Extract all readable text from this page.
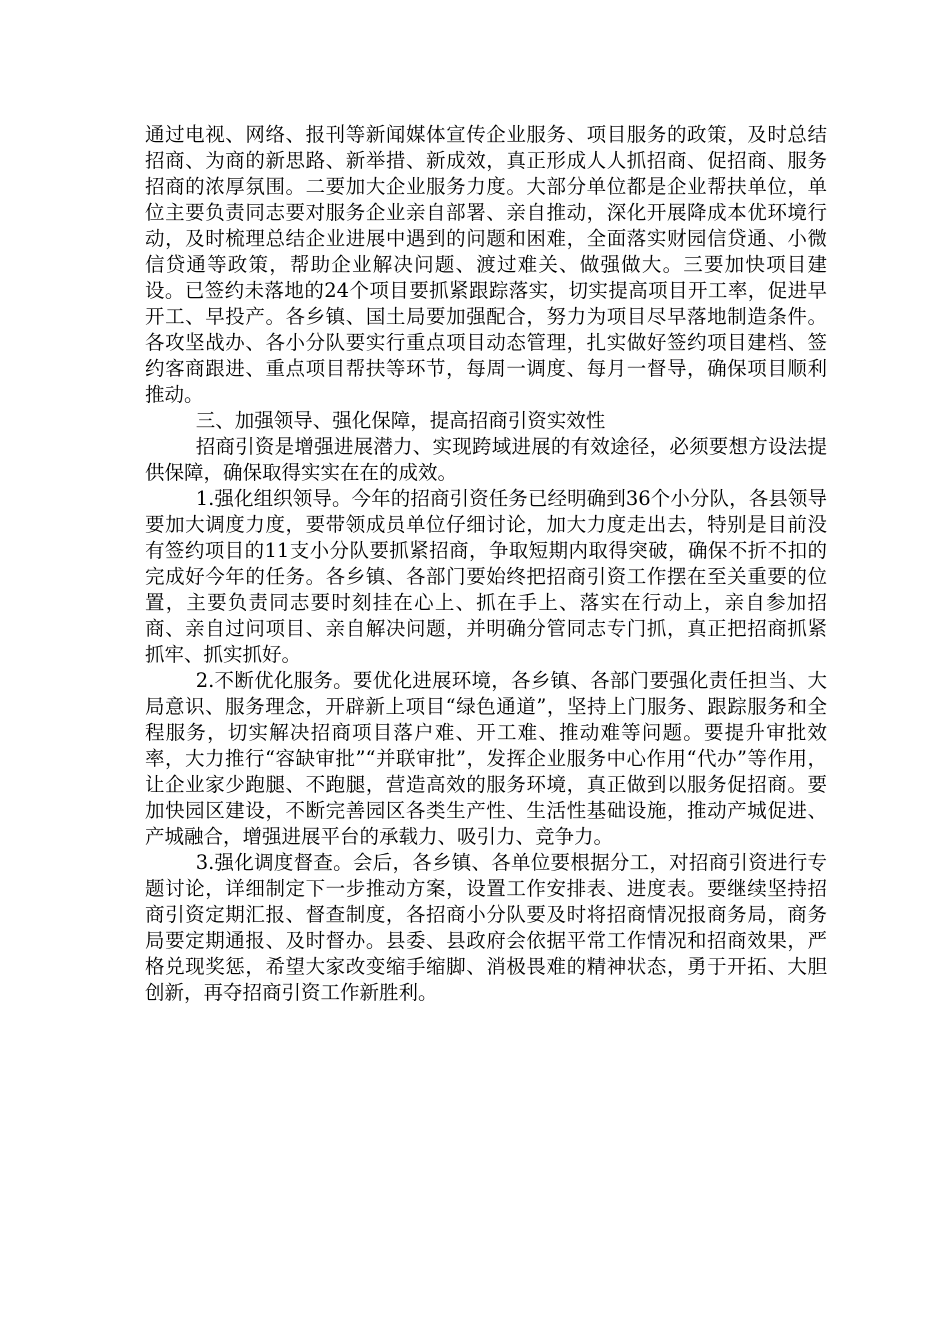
通过电视、网络、报刊等新闻媒体宣传企业服务、项目服务的政策，及时总结招商、为商的新思路、新举措、新成效，真正形成人人抓招商、促招商、服务招商的浓厚氛围。二要加大企业服务力度。大部分单位都是企业帮扶单位，单位主要负责同志要对服务企业亲自部署、亲自推动，深化开展降成本优环境行动，及时梳理总结企业进展中遇到的问题和困难，全面落实财园信贷通、小微信贷通等政策，帮助企业解决问题、渡过难关、做强做大。三要加快项目建设。已签约未落地的24个项目要抓紧跟踪落实，切实提高项目开工率，促进早开工、早投产。各乡镇、国土局要加强配合，努力为项目尽早落地制造条件。各攻坚战办、各小分队要实行重点项目动态管理，扎实做好签约项目建档、签约客商跟进、重点项目帮扶等环节，每周一调度、每月一督导，确保项目顺利推动。

三、加强领导、强化保障，提高招商引资实效性

招商引资是增强进展潜力、实现跨域进展的有效途径，必须要想方设法提供保障，确保取得实实在在的成效。

1.强化组织领导。今年的招商引资任务已经明确到36个小分队，各县领导要加大调度力度，要带领成员单位仔细讨论，加大力度走出去，特别是目前没有签约项目的11支小分队要抓紧招商，争取短期内取得突破，确保不折不扣的完成好今年的任务。各乡镇、各部门要始终把招商引资工作摆在至关重要的位置，主要负责同志要时刻挂在心上、抓在手上、落实在行动上，亲自参加招商、亲自过问项目、亲自解决问题，并明确分管同志专门抓，真正把招商抓紧抓牢、抓实抓好。

2.不断优化服务。要优化进展环境，各乡镇、各部门要强化责任担当、大局意识、服务理念，开辟新上项目“绿色通道”，坚持上门服务、跟踪服务和全程服务，切实解决招商项目落户难、开工难、推动难等问题。要提升审批效率，大力推行“容缺审批”“并联审批”，发挥企业服务中心作用“代办”等作用，让企业家少跑腿、不跑腿，营造高效的服务环境，真正做到以服务促招商。要加快园区建设，不断完善园区各类生产性、生活性基础设施，推动产城促进、产城融合，增强进展平台的承载力、吸引力、竞争力。

3.强化调度督查。会后，各乡镇、各单位要根据分工，对招商引资进行专题讨论，详细制定下一步推动方案，设置工作安排表、进度表。要继续坚持招商引资定期汇报、督查制度，各招商小分队要及时将招商情况报商务局，商务局要定期通报、及时督办。县委、县政府会依据平常工作情况和招商效果，严格兑现奖惩，希望大家改变缩手缩脚、消极畏难的精神状态，勇于开拓、大胆创新，再夺招商引资工作新胜利。
